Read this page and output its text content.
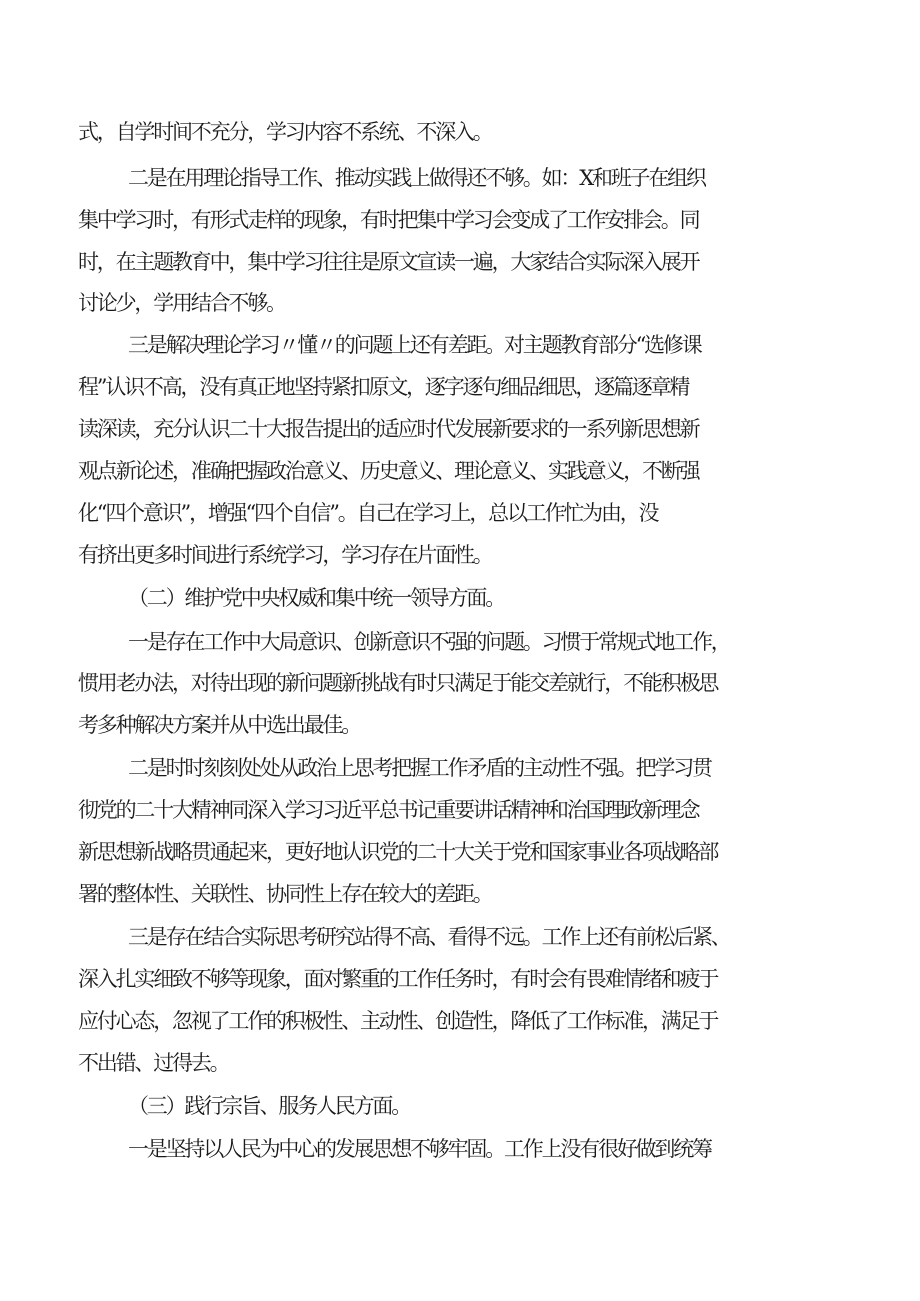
式，自学时间不充分，学习内容不系统、不深入。
二是在用理论指导工作、推动实践上做得还不够。如：X和班子在组织
集中学习时，有形式走样的现象，有时把集中学习会变成了工作安排会。同
时，在主题教育中，集中学习往往是原文宣读一遍，大家结合实际深入展开
讨论少，学用结合不够。
三是解决理论学习〃懂〃的问题上还有差距。对主题教育部分“选修课
程”认识不高，没有真正地坚持紧扣原文，逐字逐句细品细思，逐篇逐章精
读深读，充分认识二十大报告提出的适应时代发展新要求的一系列新思想新
观点新论述，准确把握政治意义、历史意义、理论意义、实践意义，不断强
化“四个意识”，增强“四个自信”。自己在学习上，总以工作忙为由，没
有挤出更多时间进行系统学习，学习存在片面性。
（二）维护党中央权威和集中统一领导方面。
一是存在工作中大局意识、创新意识不强的问题。习惯于常规式地工作，
惯用老办法，对待出现的新问题新挑战有时只满足于能交差就行，不能积极思
考多种解决方案并从中选出最佳。
二是时时刻刻处处从政治上思考把握工作矛盾的主动性不强。把学习贯
彻党的二十大精神同深入学习习近平总书记重要讲话精神和治国理政新理念
新思想新战略贯通起来，更好地认识党的二十大关于党和国家事业各项战略部
署的整体性、关联性、协同性上存在较大的差距。
三是存在结合实际思考研究站得不高、看得不远。工作上还有前松后紧、
深入扎实细致不够等现象，面对繁重的工作任务时，有时会有畏难情绪和疲于
应付心态，忽视了工作的积极性、主动性、创造性，降低了工作标准，满足于
不出错、过得去。
（三）践行宗旨、服务人民方面。
一是坚持以人民为中心的发展思想不够牢固。工作上没有很好做到统筹
